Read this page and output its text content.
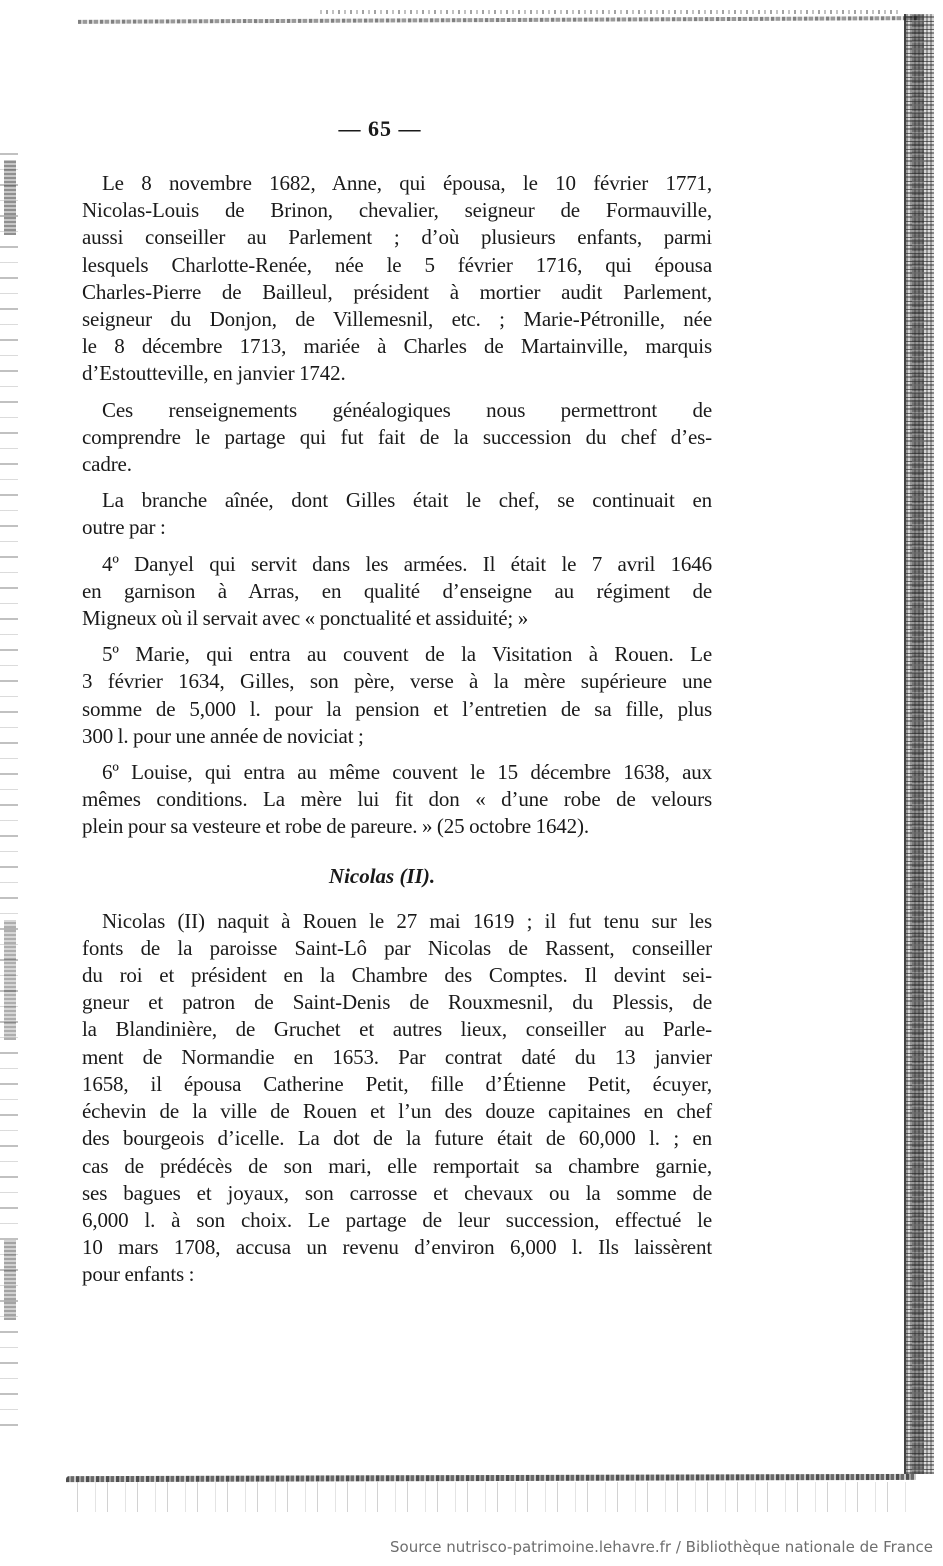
— 65 —

Le 8 novembre 1682, Anne, qui épousa, le 10 février 1771,
Nicolas-Louis de Brinon, chevalier, seigneur de Formauville,
aussi conseiller au Parlement ; d’où plusieurs enfants, parmi
lesquels Charlotte-Renée, née le 5 février 1716, qui épousa
Charles-Pierre de Bailleul, président à mortier audit Parlement,
seigneur du Donjon, de Villemesnil, etc. ; Marie-Pétronille, née
le 8 décembre 1713, mariée à Charles de Martainville, marquis
d’Estoutteville, en janvier 1742.

Ces renseignements généalogiques nous permettront de
comprendre le partage qui fut fait de la succession du chef d’es-
cadre.

La branche aînée, dont Gilles était le chef, se continuait en
outre par :

4º Danyel qui servit dans les armées. Il était le 7 avril 1646
en garnison à Arras, en qualité d’enseigne au régiment de
Migneux où il servait avec « ponctualité et assiduité; »

5º Marie, qui entra au couvent de la Visitation à Rouen. Le
3 février 1634, Gilles, son père, verse à la mère supérieure une
somme de 5,000 l. pour la pension et l’entretien de sa fille, plus
300 l. pour une année de noviciat ;

6º Louise, qui entra au même couvent le 15 décembre 1638, aux
mêmes conditions. La mère lui fit don « d’une robe de velours
plein pour sa vesteure et robe de pareure. » (25 octobre 1642).

Nicolas (II).

Nicolas (II) naquit à Rouen le 27 mai 1619 ; il fut tenu sur les
fonts de la paroisse Saint-Lô par Nicolas de Rassent, conseiller
du roi et président en la Chambre des Comptes. Il devint sei-
gneur et patron de Saint-Denis de Rouxmesnil, du Plessis, de
la Blandinière, de Gruchet et autres lieux, conseiller au Parle-
ment de Normandie en 1653. Par contrat daté du 13 janvier
1658, il épousa Catherine Petit, fille d’Étienne Petit, écuyer,
échevin de la ville de Rouen et l’un des douze capitaines en chef
des bourgeois d’icelle. La dot de la future était de 60,000 l. ; en
cas de prédécès de son mari, elle remportait sa chambre garnie,
ses bagues et joyaux, son carrosse et chevaux ou la somme de
6,000 l. à son choix. Le partage de leur succession, effectué le
10 mars 1708, accusa un revenu d’environ 6,000 l. Ils laissèrent
pour enfants :

Source nutrisco-patrimoine.lehavre.fr / Bibliothèque nationale de France
